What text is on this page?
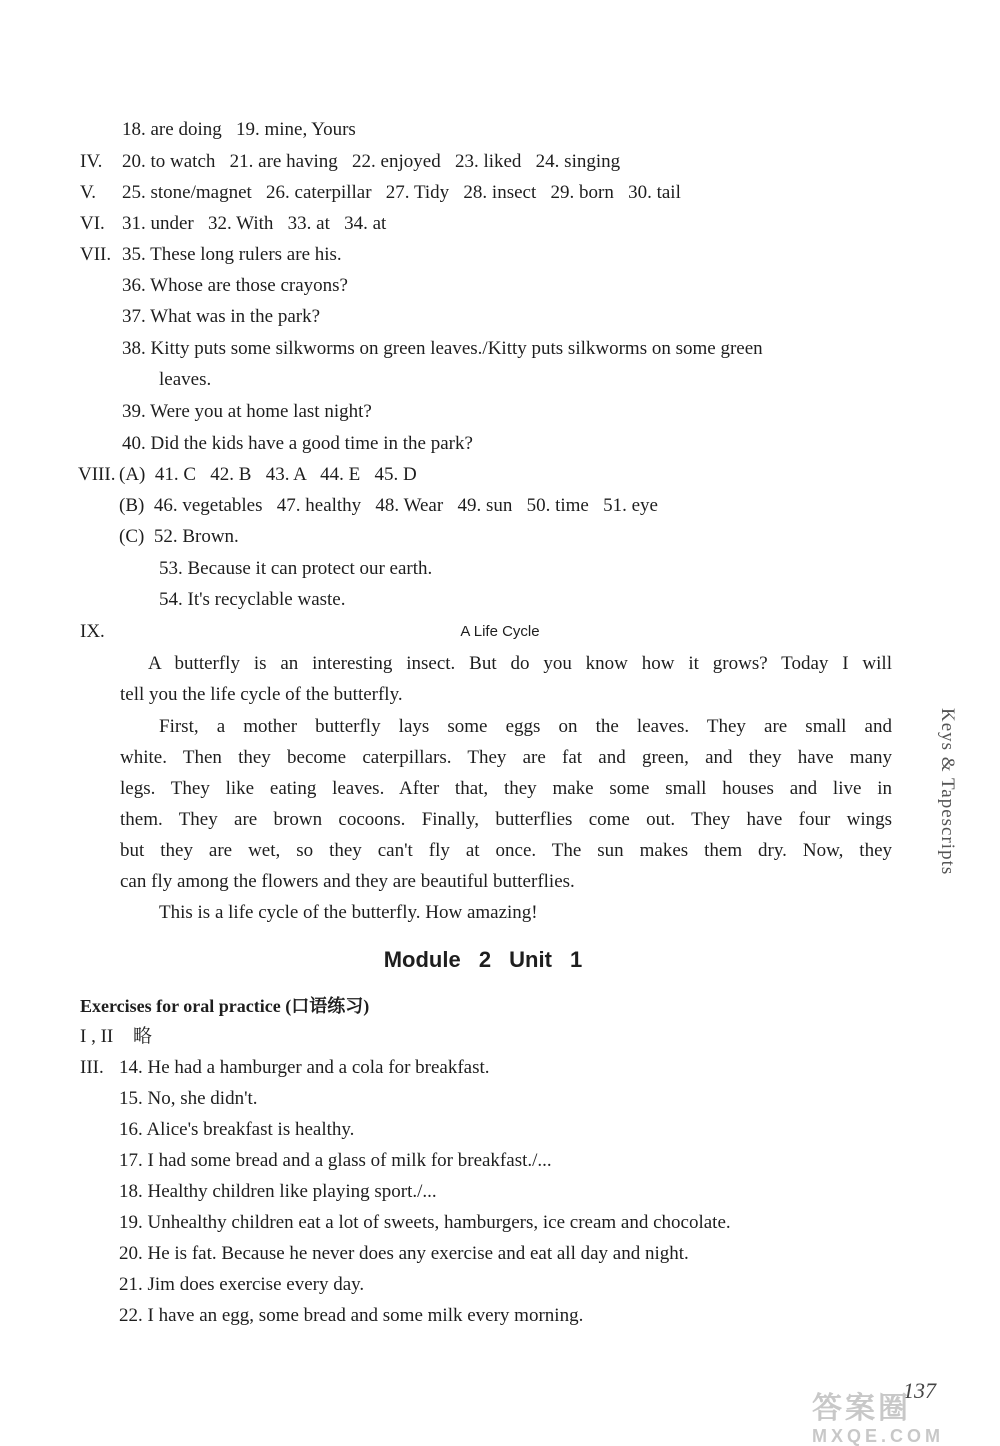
18. are doing   19. mine, Yours
IV. 20. to watch   21. are having   22. enjoyed   23. liked   24. singing
V. 25. stone/magnet   26. caterpillar   27. Tidy   28. insect   29. born   30. tail
VI. 31. under   32. With   33. at   34. at
VII. 35. These long rulers are his.
36. Whose are those crayons?
37. What was in the park?
38. Kitty puts some silkworms on green leaves./Kitty puts silkworms on some green
leaves.
39. Were you at home last night?
40. Did the kids have a good time in the park?
VIII. (A)  41. C   42. B   43. A   44. E   45. D
(B)  46. vegetables   47. healthy   48. Wear   49. sun   50. time   51. eye
(C)  52. Brown.
53. Because it can protect our earth.
54. It's recyclable waste.
IX.	A Life Cycle
A butterfly is an interesting insect. But do you know how it grows? Today I will
tell you the life cycle of the butterfly.
First, a mother butterfly lays some eggs on the leaves. They are small and
white. Then they become caterpillars. They are fat and green, and they have many
legs. They like eating leaves. After that, they make some small houses and live in
them. They are brown cocoons. Finally, butterflies come out. They have four wings
but they are wet, so they can't fly at once. The sun makes them dry. Now, they
can fly among the flowers and they are beautiful butterflies.
This is a life cycle of the butterfly. How amazing!
Module 2 Unit 1
Exercises for oral practice (口语练习)
I , II 略
III. 14. He had a hamburger and a cola for breakfast.
15. No, she didn't.
16. Alice's breakfast is healthy.
17. I had some bread and a glass of milk for breakfast./...
18. Healthy children like playing sport./...
19. Unhealthy children eat a lot of sweets, hamburgers, ice cream and chocolate.
20. He is fat. Because he never does any exercise and eat all day and night.
21. Jim does exercise every day.
22. I have an egg, some bread and some milk every morning.
Keys & Tapescripts
137
答案圈
MXQE.COM
